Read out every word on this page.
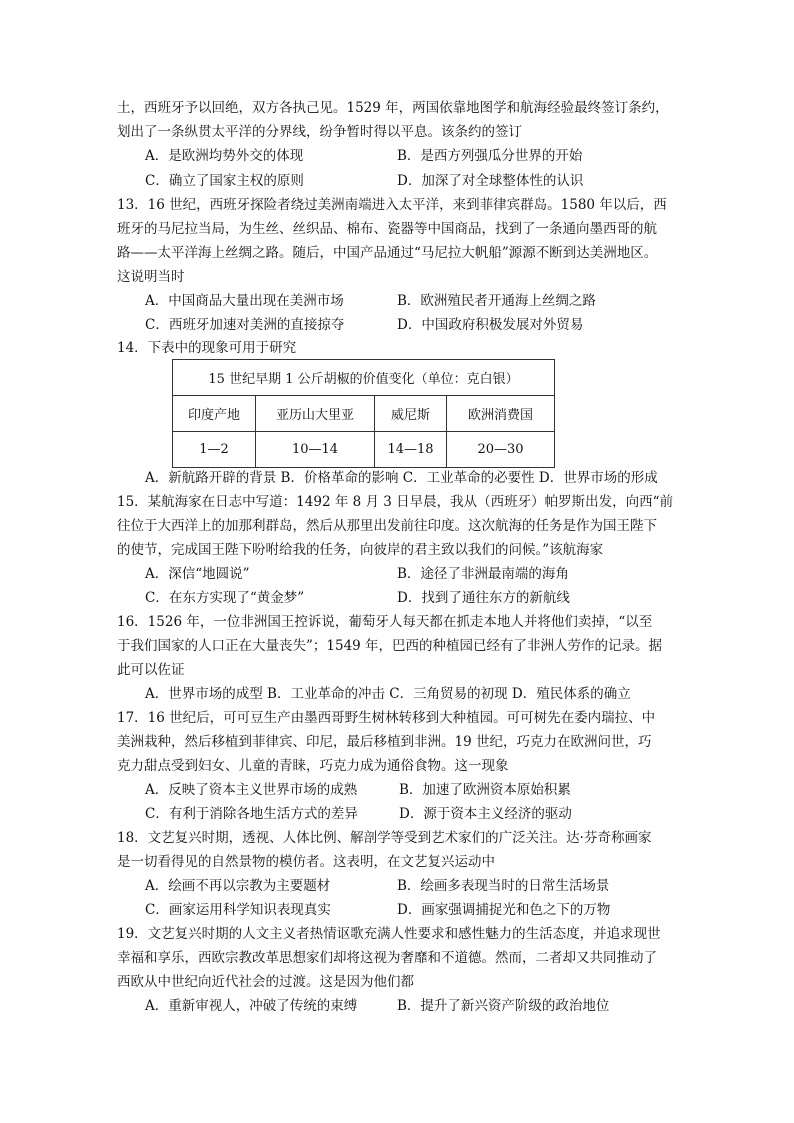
土，西班牙予以回绝，双方各执己见。1529 年，两国依靠地图学和航海经验最终签订条约，
划出了一条纵贯太平洋的分界线，纷争暂时得以平息。该条约的签订
A．是欧洲均势外交的体现	B．是西方列强瓜分世界的开始
C．确立了国家主权的原则	D．加深了对全球整体性的认识
13．16 世纪，西班牙探险者绕过美洲南端进入太平洋，来到菲律宾群岛。1580 年以后，西
班牙的马尼拉当局，为生丝、丝织品、棉布、瓷器等中国商品，找到了一条通向墨西哥的航
路——太平洋海上丝绸之路。随后，中国产品通过“马尼拉大帆船”源源不断到达美洲地区。
这说明当时
A．中国商品大量出现在美洲市场	B．欧洲殖民者开通海上丝绸之路
C．西班牙加速对美洲的直接掠夺	D．中国政府积极发展对外贸易
14．下表中的现象可用于研究
15 世纪早期 1 公斤胡椒的价值变化（单位：克白银）			
印度产地	亚历山大里亚	威尼斯	欧洲消费国
1—2	10—14	14—18	20—30
A．新航路开辟的背景 B．价格革命的影响 C．工业革命的必要性 D．世界市场的形成
15．某航海家在日志中写道：1492 年 8 月 3 日早晨，我从（西班牙）帕罗斯出发，向西“前
往位于大西洋上的加那利群岛，然后从那里出发前往印度。这次航海的任务是作为国王陛下
的使节，完成国王陛下吩咐给我的任务，向彼岸的君主致以我们的问候。”该航海家
A．深信“地圆说”	B．途径了非洲最南端的海角
C．在东方实现了“黄金梦”	D．找到了通往东方的新航线
16．1526 年，一位非洲国王控诉说，葡萄牙人每天都在抓走本地人并将他们卖掉，“以至
于我们国家的人口正在大量丧失”；1549 年，巴西的种植园已经有了非洲人劳作的记录。据
此可以佐证
A．世界市场的成型 B．工业革命的冲击 C．三角贸易的初现 D．殖民体系的确立
17．16 世纪后，可可豆生产由墨西哥野生树林转移到大种植园。可可树先在委内瑞拉、中
美洲栽种，然后移植到菲律宾、印尼，最后移植到非洲。19 世纪，巧克力在欧洲问世，巧
克力甜点受到妇女、儿童的青睐，巧克力成为通俗食物。这一现象
A．反映了资本主义世界市场的成熟	B．加速了欧洲资本原始积累
C．有利于消除各地生活方式的差异	D．源于资本主义经济的驱动
18．文艺复兴时期，透视、人体比例、解剖学等受到艺术家们的广泛关注。达·芬奇称画家
是一切看得见的自然景物的模仿者。这表明，在文艺复兴运动中
A．绘画不再以宗教为主要题材	B．绘画多表现当时的日常生活场景
C．画家运用科学知识表现真实	D．画家强调捕捉光和色之下的万物
19．文艺复兴时期的人文主义者热情讴歌充满人性要求和感性魅力的生活态度，并追求现世
幸福和享乐，西欧宗教改革思想家们却将这视为奢靡和不道德。然而，二者却又共同推动了
西欧从中世纪向近代社会的过渡。这是因为他们都
A．重新审视人，冲破了传统的束缚	B．提升了新兴资产阶级的政治地位
